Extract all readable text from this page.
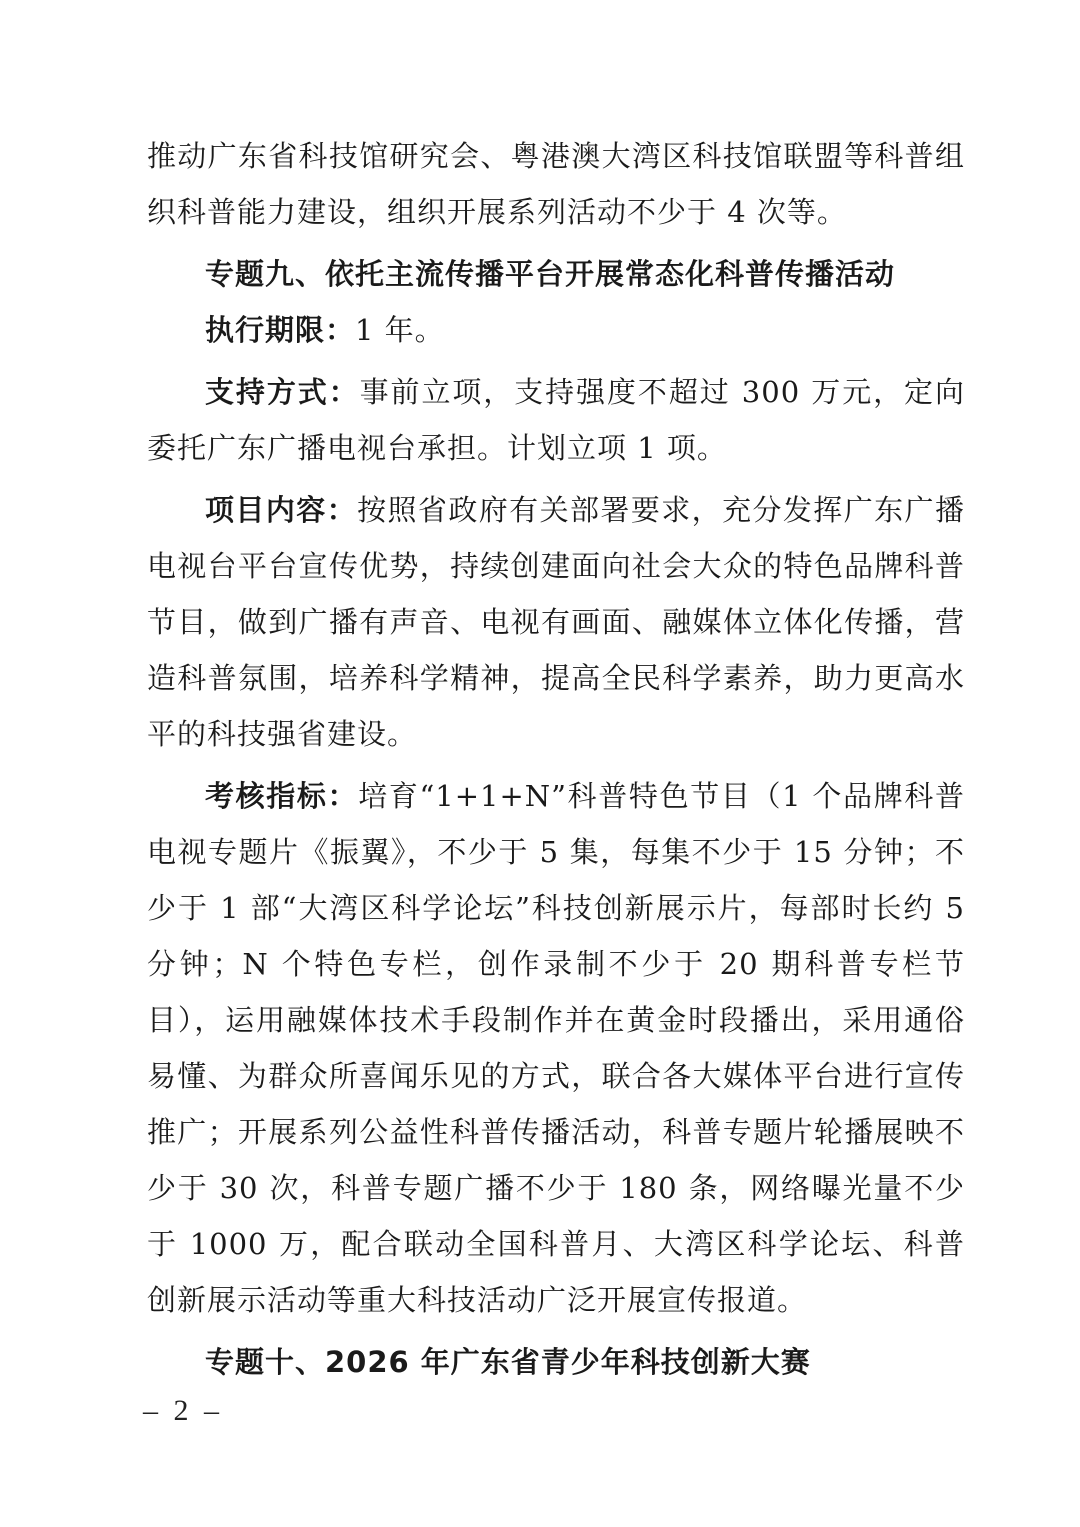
推动广东省科技馆研究会、粤港澳大湾区科技馆联盟等科普组织科普能力建设，组织开展系列活动不少于 4 次等。

专题九、依托主流传播平台开展常态化科普传播活动

执行期限：1 年。

支持方式：事前立项，支持强度不超过 300 万元，定向委托广东广播电视台承担。计划立项 1 项。

项目内容：按照省政府有关部署要求，充分发挥广东广播电视台平台宣传优势，持续创建面向社会大众的特色品牌科普节目，做到广播有声音、电视有画面、融媒体立体化传播，营造科普氛围，培养科学精神，提高全民科学素养，助力更高水平的科技强省建设。

考核指标：培育“1+1+N”科普特色节目（1 个品牌科普电视专题片《振翼》，不少于 5 集，每集不少于 15 分钟；不少于 1 部“大湾区科学论坛”科技创新展示片，每部时长约 5 分钟；N 个特色专栏，创作录制不少于 20 期科普专栏节目），运用融媒体技术手段制作并在黄金时段播出，采用通俗易懂、为群众所喜闻乐见的方式，联合各大媒体平台进行宣传推广；开展系列公益性科普传播活动，科普专题片轮播展映不少于 30 次，科普专题广播不少于 180 条，网络曝光量不少于 1000 万，配合联动全国科普月、大湾区科学论坛、科普创新展示活动等重大科技活动广泛开展宣传报道。

专题十、2026 年广东省青少年科技创新大赛

– 2 –
